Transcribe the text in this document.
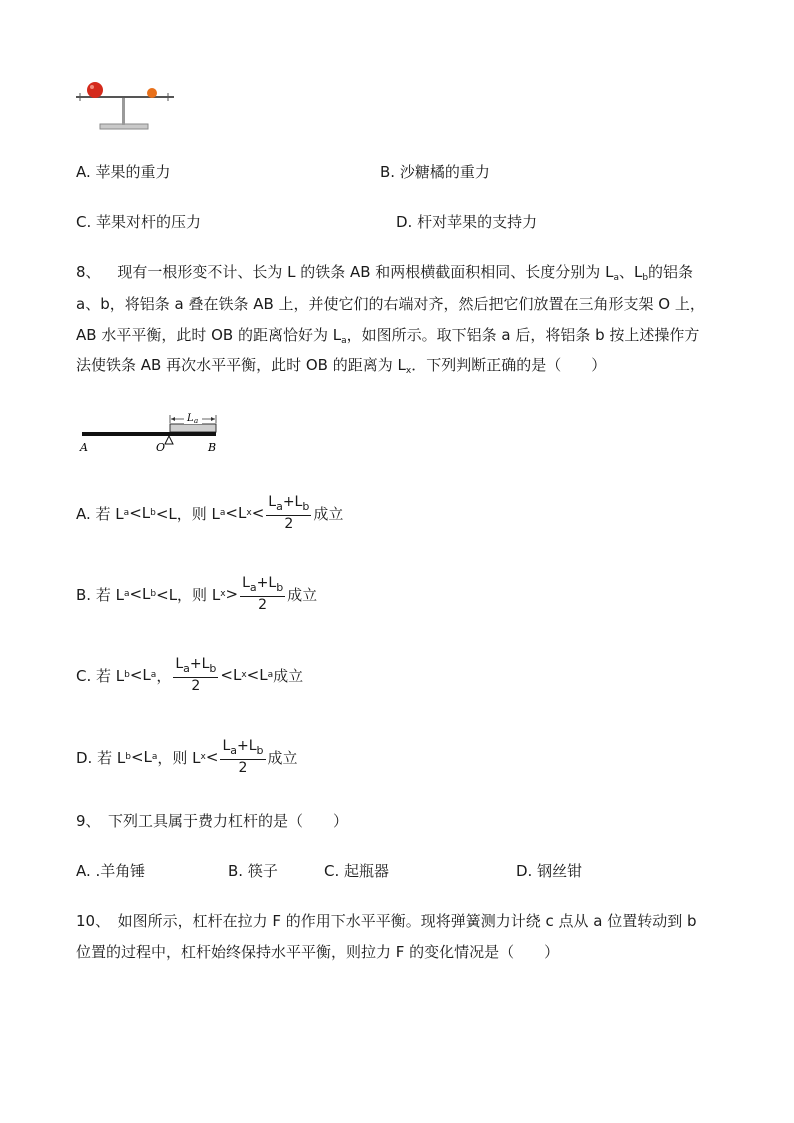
A. 苹果的重力	B. 沙糖橘的重力
C. 苹果对杆的压力	D. 杆对苹果的支持力
8、 现有一根形变不计、长为 L 的铁条 AB 和两根横截面积相同、长度分别为 $L_a$、$L_b$的铝条
a、b，将铝条 a 叠在铁条 AB 上，并使它们的右端对齐，然后把它们放置在三角形支架 O 上，
AB 水平平衡，此时 OB 的距离恰好为 $L_a$，如图所示。取下铝条 a 后，将铝条 b 按上述操作方
法使铁条 AB 再次水平平衡，此时 OB 的距离为 $L_x$．下列判断正确的是（　　）
L a
A	O	B
A. 若 L a <L b <L，则 L a <L $x < \frac{L_a+L_b}{2}$ 成立
B. 若 L a <L b <L，则 L $x > \frac{L_a+L_b}{2}$ 成立
C. 若 L b <L a ， $\frac{L_a+L_b}{2} <L$ x <L a 成立
D. 若 L b <L a ，则 L $x < \frac{L_a+L_b}{2}$ 成立
9、　下列工具属于费力杠杆的是（　　）
A. .羊角锤	B. 筷子	C. 起瓶器	D. 钢丝钳
10、　如图所示，杠杆在拉力 F 的作用下水平平衡。现将弹簧测力计绕 c 点从 a 位置转动到 b
位置的过程中，杠杆始终保持水平平衡，则拉力 F 的变化情况是（　　）
